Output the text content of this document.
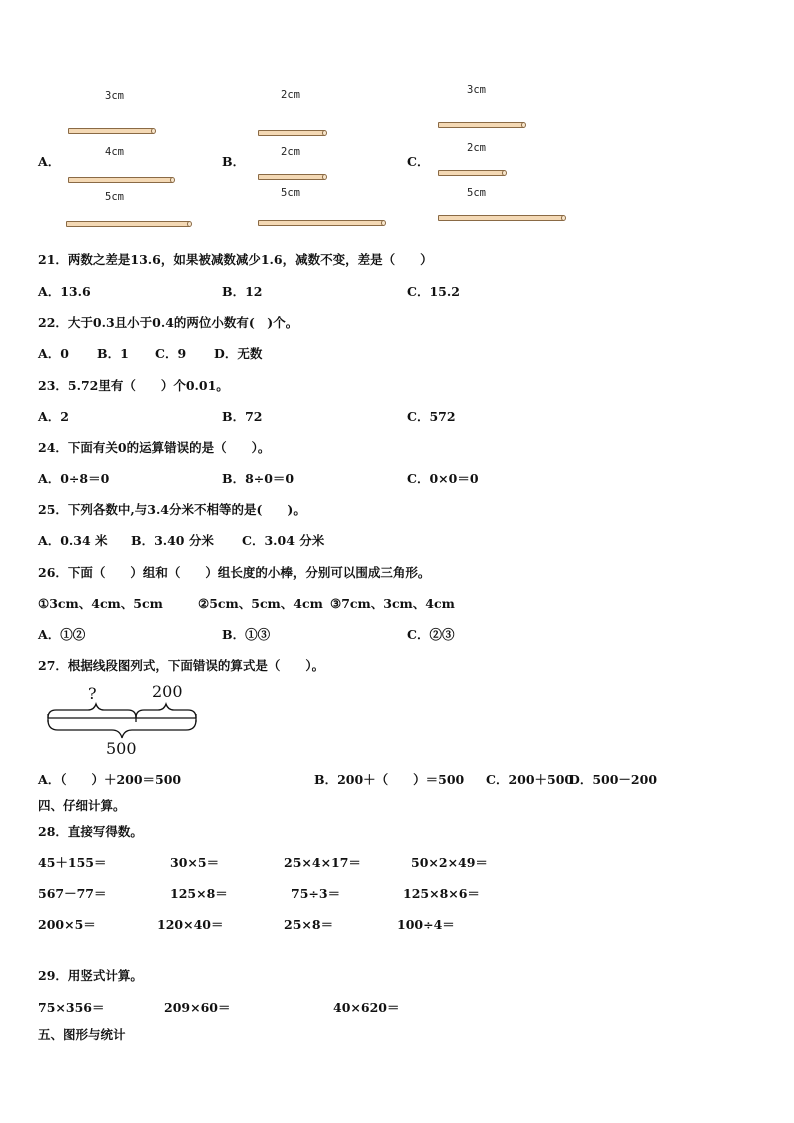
A．
3cm
4cm
5cm
B．
2cm
2cm
5cm
C．
3cm
2cm
5cm
21．两数之差是13.6，如果被减数减少1.6，减数不变，差是（　　）
A．13.6	B．12	C．15.2
22．大于0.3且小于0.4的两位小数有(　)个。
A．0 B．1 C．9 D．无数
23．5.72里有（　　）个0.01。
A．2	B．72	C．572
24．下面有关0的运算错误的是（　　）。
A．0÷8＝0	B．8÷0＝0	C．0×0＝0
25．下列各数中,与3.4分米不相等的是(　　)。
A．0.34 米 B．3.40 分米 C．3.04 分米
26．下面（　　）组和（　　）组长度的小棒，分别可以围成三角形。
①3cm、4cm、5cm	②5cm、5cm、4cm ③7cm、3cm、4cm
A．①②	B．①③	C．②③
27．根据线段图列式，下面错误的算式是（　　）。
?	200
500
A．（　　）＋200＝500	B．200＋（　　）＝500 C．200＋500
D．500－200
四、仔细计算。
28．直接写得数。
45＋155＝	30×5＝	25×4×17＝	50×2×49＝
567－77＝	125×8＝	75÷3＝	125×8×6＝
200×5＝	120×40＝	25×8＝	100÷4＝
29．用竖式计算。
75×356＝	209×60＝	40×620＝
五、图形与统计
